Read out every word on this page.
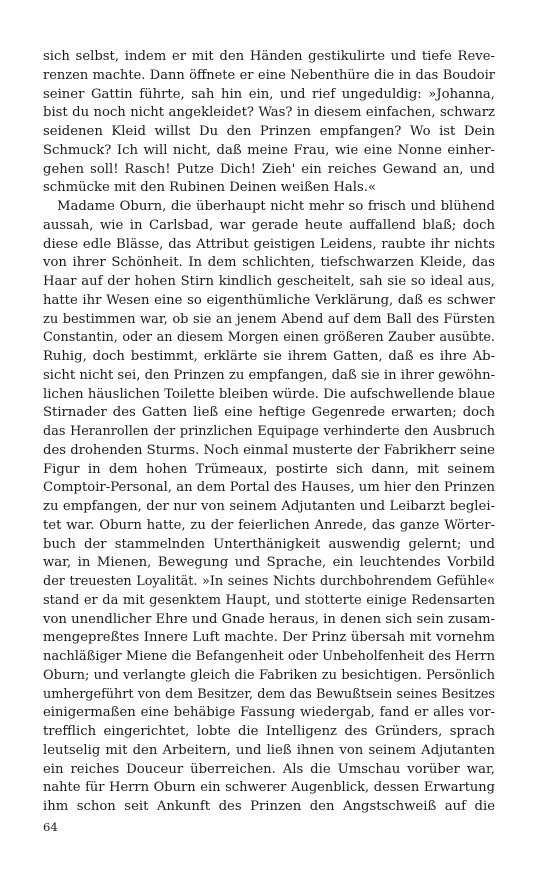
sich selbst, indem er mit den Händen gestikulirte und tiefe Reve-
renzen machte. Dann öffnete er eine Nebenthüre die in das Boudoir
seiner Gattin führte, sah hin ein, und rief ungeduldig: »Johanna,
bist du noch nicht angekleidet? Was? in diesem einfachen, schwarz
seidenen Kleid willst Du den Prinzen empfangen? Wo ist Dein
Schmuck? Ich will nicht, daß meine Frau, wie eine Nonne einher-
gehen soll! Rasch! Putze Dich! Zieh' ein reiches Gewand an, und
schmücke mit den Rubinen Deinen weißen Hals.«
Madame Oburn, die überhaupt nicht mehr so frisch und blühend
aussah, wie in Carlsbad, war gerade heute auffallend blaß; doch
diese edle Blässe, das Attribut geistigen Leidens, raubte ihr nichts
von ihrer Schönheit. In dem schlichten, tiefschwarzen Kleide, das
Haar auf der hohen Stirn kindlich gescheitelt, sah sie so ideal aus,
hatte ihr Wesen eine so eigenthümliche Verklärung, daß es schwer
zu bestimmen war, ob sie an jenem Abend auf dem Ball des Fürsten
Constantin, oder an diesem Morgen einen größeren Zauber ausübte.
Ruhig, doch bestimmt, erklärte sie ihrem Gatten, daß es ihre Ab-
sicht nicht sei, den Prinzen zu empfangen, daß sie in ihrer gewöhn-
lichen häuslichen Toilette bleiben würde. Die aufschwellende blaue
Stirnader des Gatten ließ eine heftige Gegenrede erwarten; doch
das Heranrollen der prinzlichen Equipage verhinderte den Ausbruch
des drohenden Sturms. Noch einmal musterte der Fabrikherr seine
Figur in dem hohen Trümeaux, postirte sich dann, mit seinem
Comptoir-Personal, an dem Portal des Hauses, um hier den Prinzen
zu empfangen, der nur von seinem Adjutanten und Leibarzt beglei-
tet war. Oburn hatte, zu der feierlichen Anrede, das ganze Wörter-
buch der stammelnden Unterthänigkeit auswendig gelernt; und
war, in Mienen, Bewegung und Sprache, ein leuchtendes Vorbild
der treuesten Loyalität. »In seines Nichts durchbohrendem Gefühle«
stand er da mit gesenktem Haupt, und stotterte einige Redensarten
von unendlicher Ehre und Gnade heraus, in denen sich sein zusam-
mengepreßtes Innere Luft machte. Der Prinz übersah mit vornehm
nachläßiger Miene die Befangenheit oder Unbeholfenheit des Herrn
Oburn; und verlangte gleich die Fabriken zu besichtigen. Persönlich
umhergeführt von dem Besitzer, dem das Bewußtsein seines Besitzes
einigermaßen eine behäbige Fassung wiedergab, fand er alles vor-
trefflich eingerichtet, lobte die Intelligenz des Gründers, sprach
leutselig mit den Arbeitern, und ließ ihnen von seinem Adjutanten
ein reiches Douceur überreichen. Als die Umschau vorüber war,
nahte für Herrn Oburn ein schwerer Augenblick, dessen Erwartung
ihm schon seit Ankunft des Prinzen den Angstschweiß auf die
64
